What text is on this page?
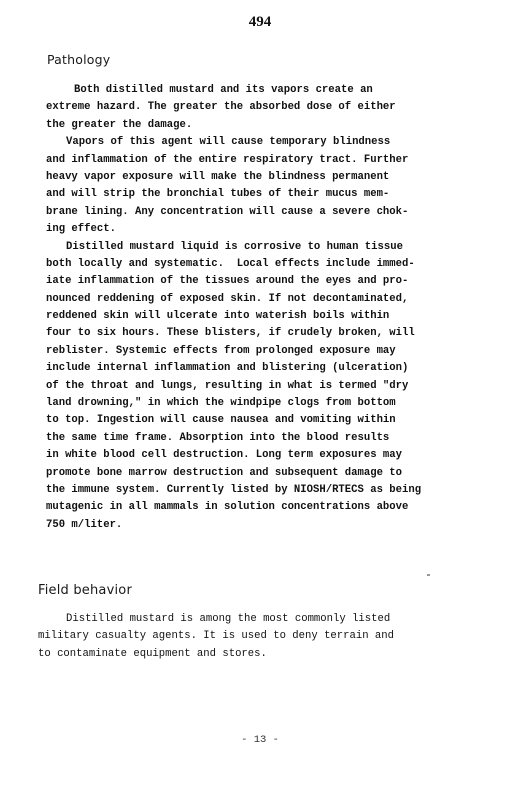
494
Pathology
Both distilled mustard and its vapors create an
extreme hazard. The greater the absorbed dose of either
the greater the damage.
Vapors of this agent will cause temporary blindness
and inflammation of the entire respiratory tract. Further
heavy vapor exposure will make the blindness permanent
and will strip the bronchial tubes of their mucus mem-
brane lining. Any concentration will cause a severe chok-
ing effect.
Distilled mustard liquid is corrosive to human tissue
both locally and systematic.  Local effects include immed-
iate inflammation of the tissues around the eyes and pro-
nounced reddening of exposed skin. If not decontaminated,
reddened skin will ulcerate into waterish boils within
four to six hours. These blisters, if crudely broken, will
reblister. Systemic effects from prolonged exposure may
include internal inflammation and blistering (ulceration)
of the throat and lungs, resulting in what is termed "dry
land drowning," in which the windpipe clogs from bottom
to top. Ingestion will cause nausea and vomiting within
the same time frame. Absorption into the blood results
in white blood cell destruction. Long term exposures may
promote bone marrow destruction and subsequent damage to
the immune system. Currently listed by NIOSH/RTECS as being
mutagenic in all mammals in solution concentrations above
750 m/liter.
Field behavior
Distilled mustard is among the most commonly listed
military casualty agents. It is used to deny terrain and
to contaminate equipment and stores.
- 13 -
